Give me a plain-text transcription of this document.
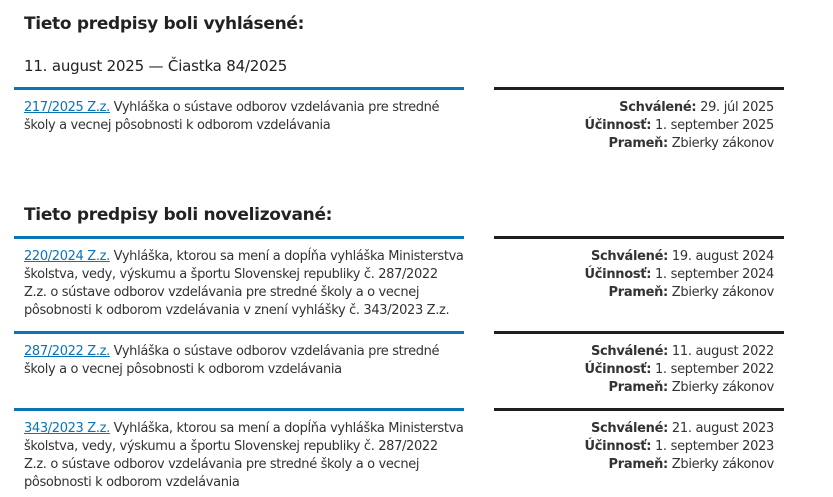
Tieto predpisy boli vyhlásené:
11. august 2025 — Čiastka 84/2025
217/2025 Z.z. Vyhláška o sústave odborov vzdelávania pre stredné školy a vecnej pôsobnosti k odborom vzdelávania
Schválené: 29. júl 2025
Účinnosť: 1. september 2025
Prameň: Zbierky zákonov
Tieto predpisy boli novelizované:
220/2024 Z.z. Vyhláška, ktorou sa mení a dopĺňa vyhláška Ministerstva školstva, vedy, výskumu a športu Slovenskej republiky č. 287/2022 Z.z. o sústave odborov vzdelávania pre stredné školy a o vecnej pôsobnosti k odborom vzdelávania v znení vyhlášky č. 343/2023 Z.z.
Schválené: 19. august 2024
Účinnosť: 1. september 2024
Prameň: Zbierky zákonov
287/2022 Z.z. Vyhláška o sústave odborov vzdelávania pre stredné školy a o vecnej pôsobnosti k odborom vzdelávania
Schválené: 11. august 2022
Účinnosť: 1. september 2022
Prameň: Zbierky zákonov
343/2023 Z.z. Vyhláška, ktorou sa mení a dopĺňa vyhláška Ministerstva školstva, vedy, výskumu a športu Slovenskej republiky č. 287/2022 Z.z. o sústave odborov vzdelávania pre stredné školy a o vecnej pôsobnosti k odborom vzdelávania
Schválené: 21. august 2023
Účinnosť: 1. september 2023
Prameň: Zbierky zákonov
